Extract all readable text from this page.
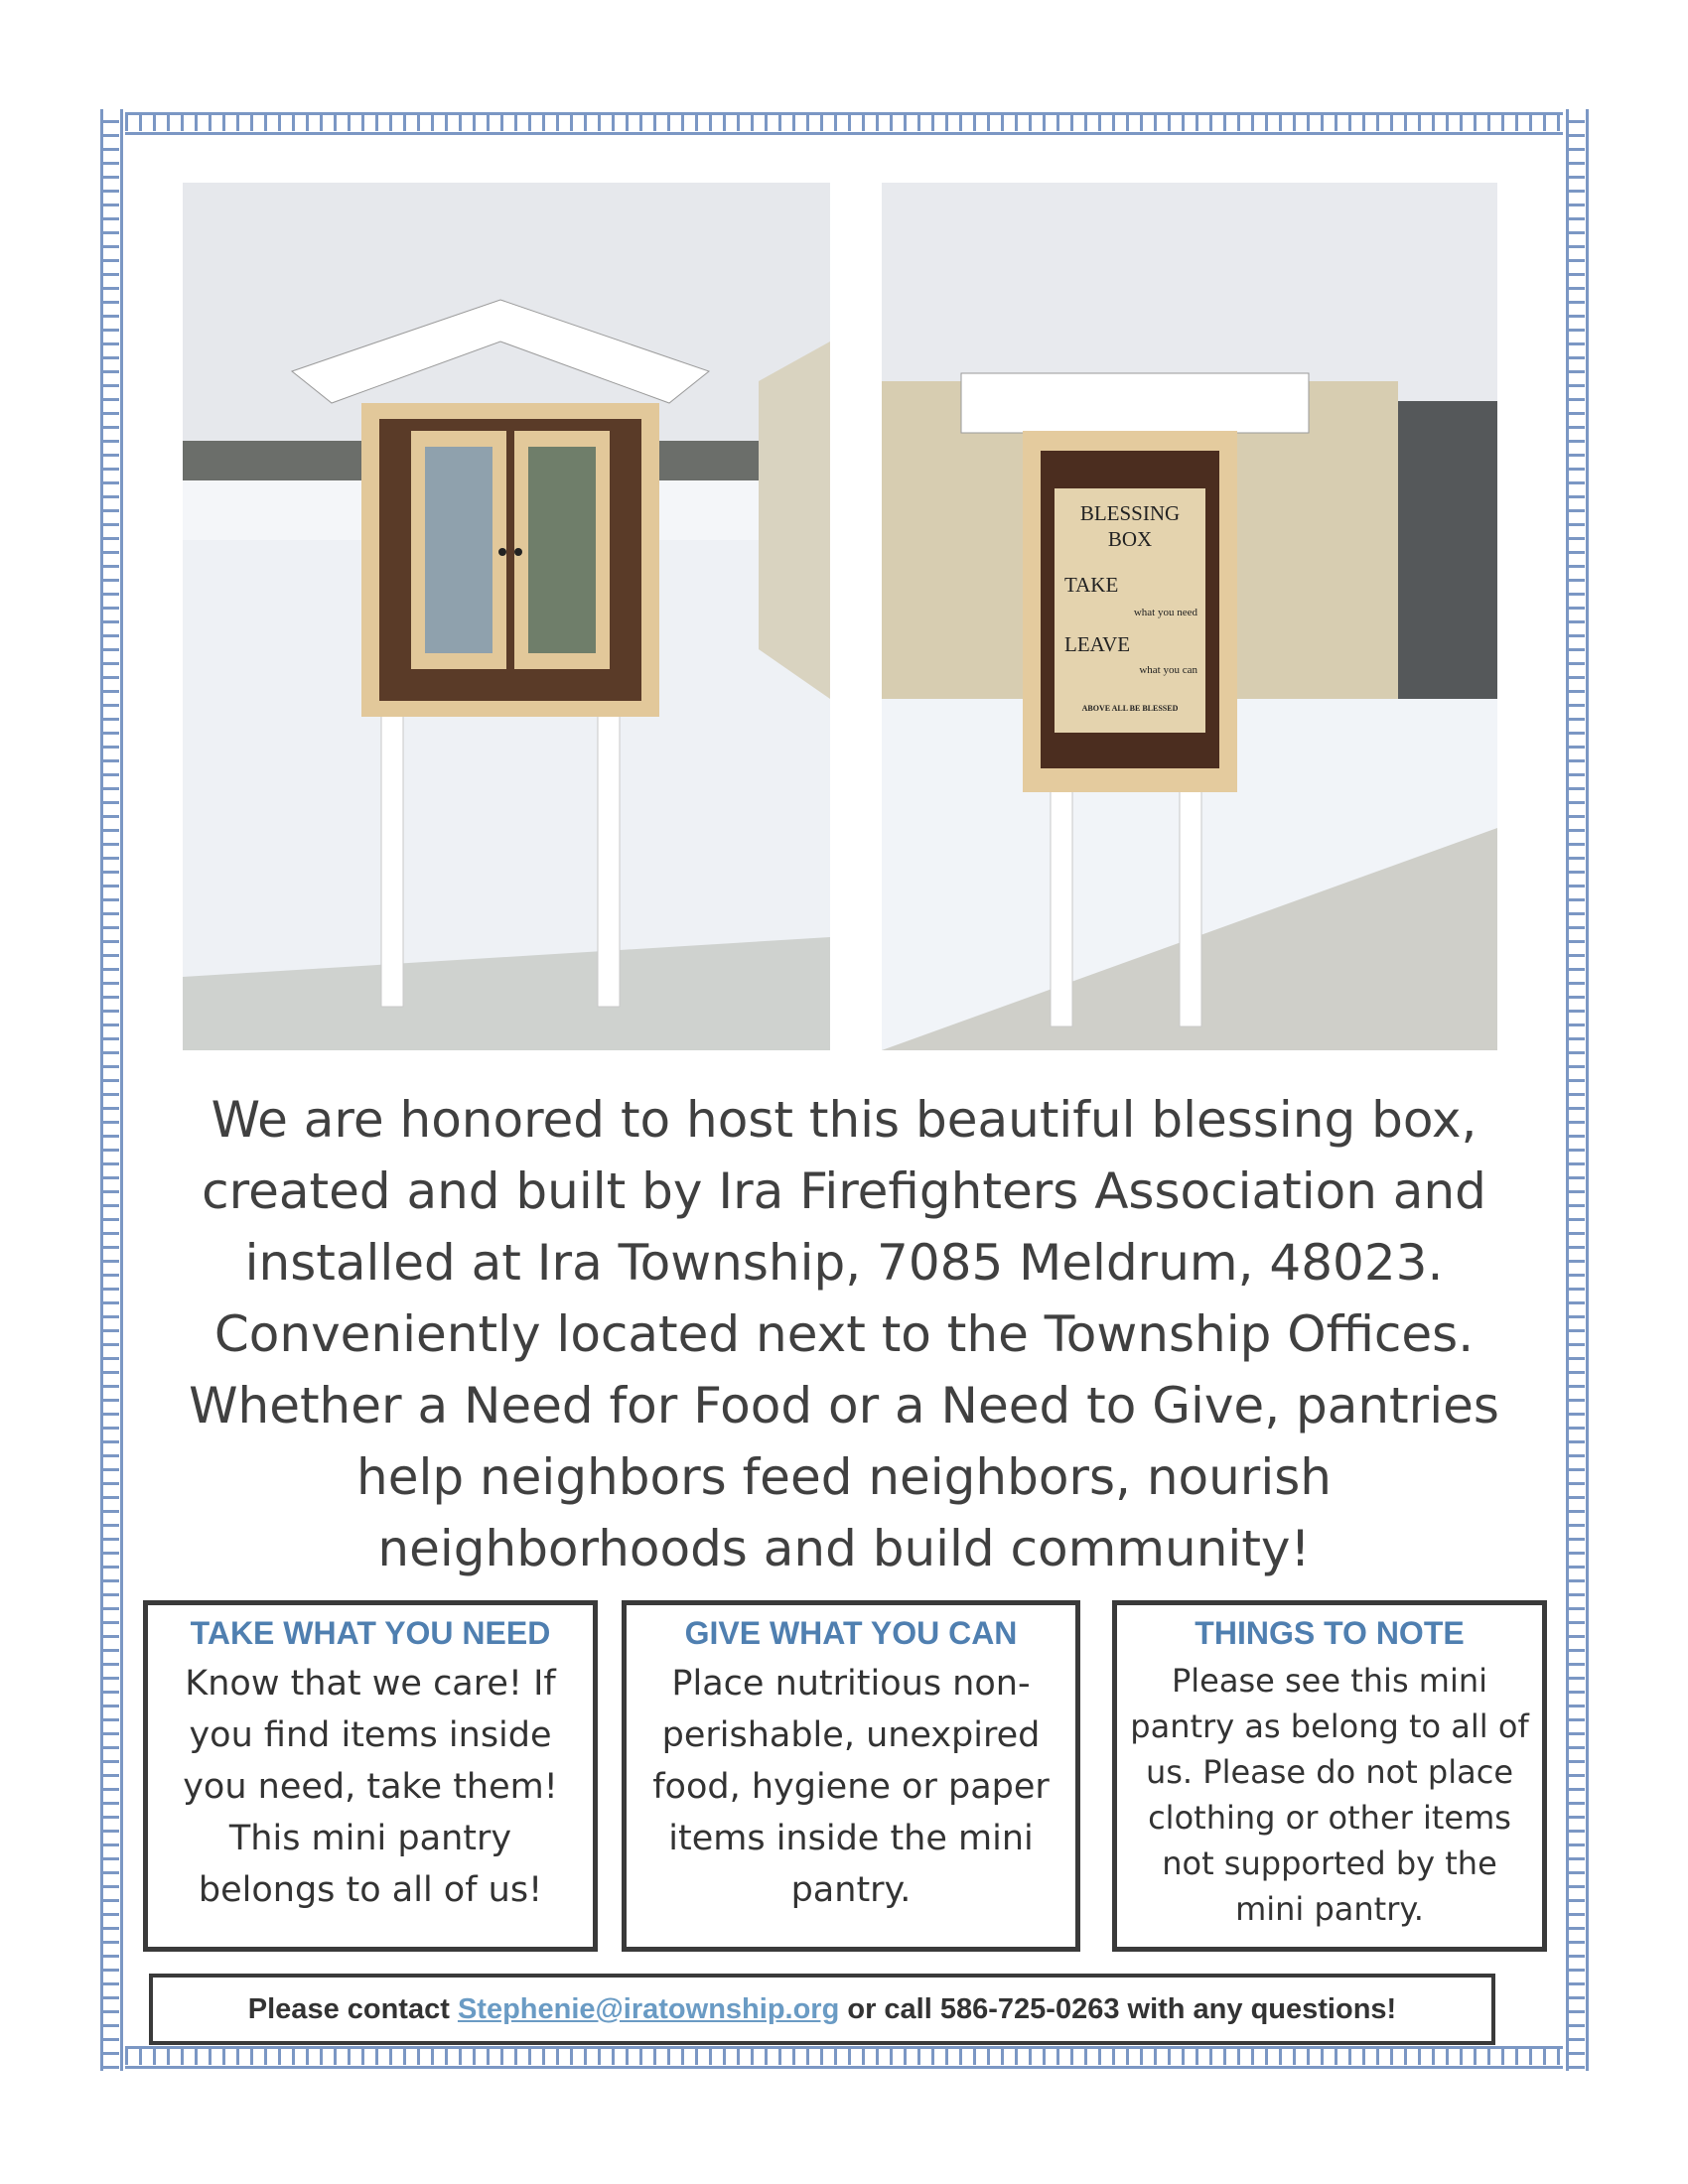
BLESSING
BOX
TAKE
what you need
LEAVE
what you can
ABOVE ALL BE BLESSED

We are honored to host this beautiful blessing box,

created and built by Ira Firefighters Association and

installed at Ira Township, 7085 Meldrum, 48023.

Conveniently located next to the Township Offices.

Whether a Need for Food or a Need to Give, pantries

help neighbors feed neighbors, nourish

neighborhoods and build community!

TAKE WHAT YOU NEED
Know that we care! If you find items inside you need, take them! This mini pantry belongs to all of us!
GIVE WHAT YOU CAN
Place nutritious non-perishable, unexpired food, hygiene or paper items inside the mini pantry.
THINGS TO NOTE
Please see this mini pantry as belong to all of us. Please do not place clothing or other items not supported by the mini pantry.
Please contact Stephenie@iratownship.org or call 586-725-0263 with any questions!
